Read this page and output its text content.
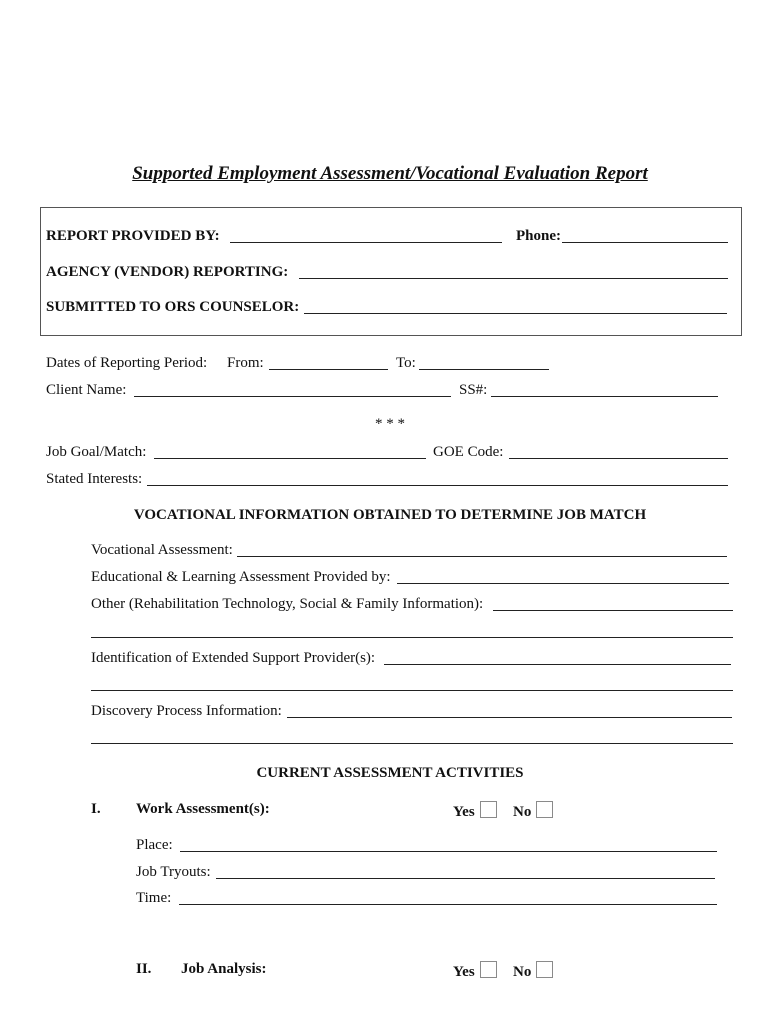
Supported Employment Assessment/Vocational Evaluation Report
REPORT PROVIDED BY:	Phone:
AGENCY (VENDOR) REPORTING:
SUBMITTED TO ORS COUNSELOR:
Dates of Reporting Period: From:	To:
Client Name:	SS#:
* * *
Job Goal/Match:	GOE Code:
Stated Interests:
VOCATIONAL INFORMATION OBTAINED TO DETERMINE JOB MATCH
Vocational Assessment:
Educational & Learning Assessment Provided by:
Other (Rehabilitation Technology, Social & Family Information):
Identification of Extended Support Provider(s):
Discovery Process Information:
CURRENT ASSESSMENT ACTIVITIES
I. Work Assessment(s):	Yes	No
Place:
Job Tryouts:
Time:
II. Job Analysis:	Yes	No
